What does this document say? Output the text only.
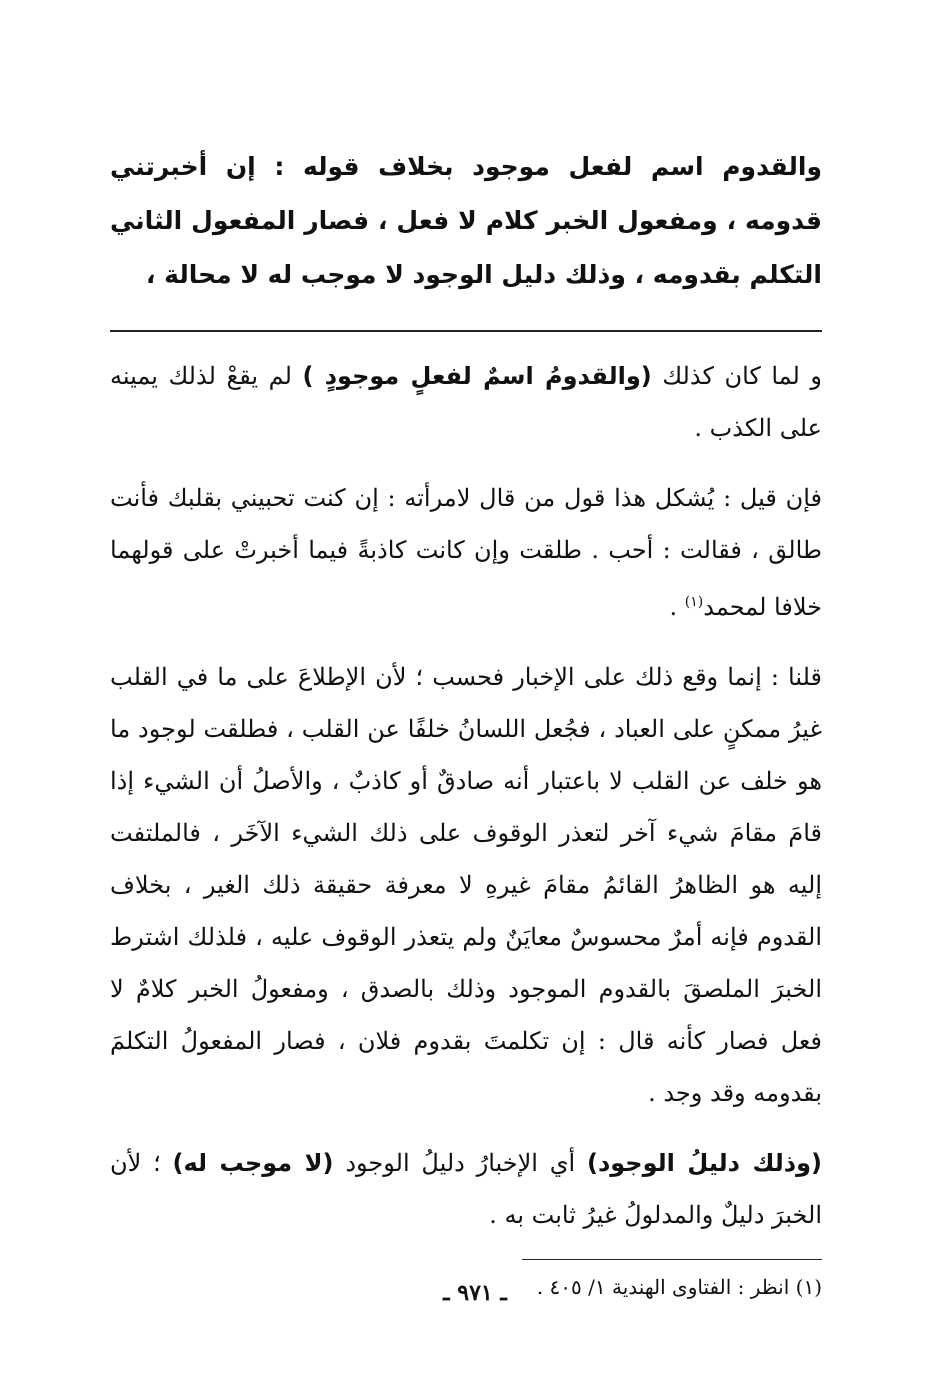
والقدوم اسم لفعل موجود بخلاف قوله : إن أخبرتني قدومه ، ومفعول الخبر كلام لا فعل ، فصار المفعول الثاني التكلم بقدومه ، وذلك دليل الوجود لا موجب له لا محالة ،

و لما كان كذلك (والقدومُ اسمٌ لفعلٍ موجودٍ ) لم يقعْ لذلك يمينه على الكذب .

فإن قيل : يُشكل هذا قول من قال لامرأته : إن كنت تحبيني بقلبك فأنت طالق ، فقالت : أحب . طلقت وإن كانت كاذبةً فيما أخبرتْ على قولهما خلافا لمحمد$^{(١)}$ .

قلنا : إنما وقع ذلك على الإخبار فحسب ؛ لأن الإطلاعَ على ما في القلب غيرُ ممكنٍ على العباد ، فجُعل اللسانُ خلفًا عن القلب ، فطلقت لوجود ما هو خلف عن القلب لا باعتبار أنه صادقٌ أو كاذبٌ ، والأصلُ أن الشيء إذا قامَ مقامَ شيء آخر لتعذر الوقوف على ذلك الشيء الآخَر ، فالملتفت إليه هو الظاهرُ القائمُ مقامَ غيرهِ لا معرفة حقيقة ذلك الغير ، بخلاف القدوم فإنه أمرٌ محسوسٌ معايَنٌ ولم يتعذر الوقوف عليه ، فلذلك اشترط الخبرَ الملصقَ بالقدوم الموجود وذلك بالصدق ، ومفعولُ الخبر كلامٌ لا فعل فصار كأنه قال : إن تكلمتَ بقدوم فلان ، فصار المفعولُ التكلمَ بقدومه وقد وجد .

(وذلك دليلُ الوجود) أي الإخبارُ دليلُ الوجود (لا موجب له) ؛ لأن الخبرَ دليلٌ والمدلولُ غيرُ ثابت به .

(١) انظر : الفتاوى الهندية ١/ ٤٠٥ .

ـ ٩٧١ ـ
